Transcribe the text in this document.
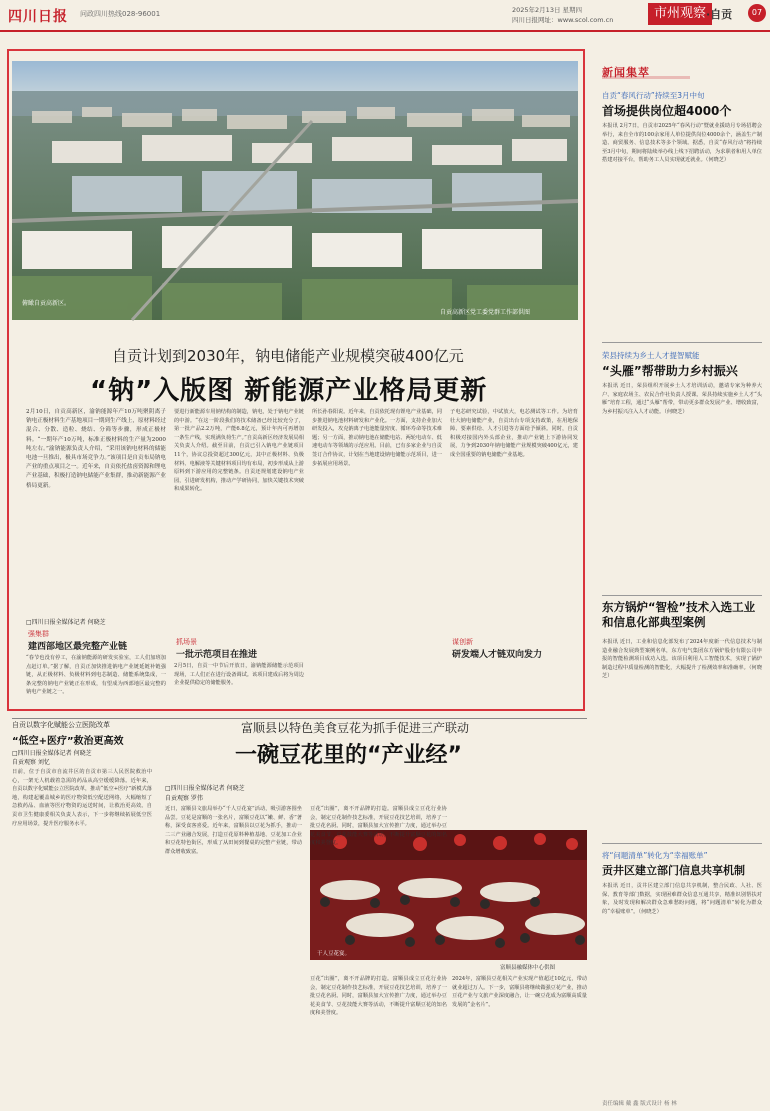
四川日报 问政四川热线028-96001	2025年2月13日 星期四
四川日报网址：www.scol.com.cn	市州观察 ·自贡	07
俯瞰自贡高新区。
自贡高新区党工委党群工作部供图
自贡计划到2030年，钠电储能产业规模突破400亿元
“钠”入版图 新能源产业格局更新
2月10日，自贡高新区，渝钠能源年产10万吨聚阴离子钠电正极材料生产基地项目一期到生产线上，原材料经过混合、分散、造粒、烧结、分筛等步骤，形成正极材料。“一期年产10万吨，标准正极材料的生产量为2000吨左右。”渝钠能源负责人介绍，“采用该钠电材料的储能电池一旦推出，极具市场竞争力。”该项目是自贡布局钠电产业的重点项目之一。近年来，自贡依托盐卤资源和锂电产业基础，积极打造钠电储能产业集群，推动新能源产业格局更新。
□四川日报全媒体记者 何晓芝
强集群
建西部地区最完整产业链
“春节也没有停工，在渝钠能源的研发实验室，工人们加班加点赶订单。”据了解，自贡正加快推进钠电产业链延链补链强链，从正极材料、负极材料到电芯制造、储能系统集成，一条完整的钠电产业链正在形成，有望成为西部地区最完整的钠电产业链之一。
要进行新能源车用钠结构的制造，钠电，处于钠电产业链的中游。“在这一阶段我们的技术储备已经比较充分了，第一批产品2.2万吨，产能6.8亿元，预计年内可再增加一条生产线，实现满负荷生产。”自贡高新区经济发展局相关负责人介绍。截至目前，自贡已引入钠电产业链项目11个，协议总投资超过300亿元，其中正极材料、负极材料、电解液等关键材料项目均有布局，初步形成从上游原料到下游应用的完整链条。自贡还规划建设钠电产业园，引进研发机构，推动产学研协同，加快关键技术突破和成果转化。
抓场景
一批示范项目在推进
2月5日，自贡一中节后开放日，渝钠能源储能示范项目现场，工人们正在进行设备调试。该项目建成后将为周边企业提供稳定的储能服务。
所长孙春阳说。近年来，自贡依托现有锂电产业基础，同步推进钠电池材料研发和产业化。一方面，支持企业加大研发投入，攻克钠离子电池能量密度、循环寿命等技术难题；另一方面，推动钠电池在储能电站、两轮电动车、低速电动车等领域的示范应用。目前，已有多家企业与自贡签订合作协议，计划在当地建设钠电储能示范项目，进一步拓展应用场景。
子电芯研究试验，中试放大，电芯测试等工作。为培育壮大钠电储能产业，自贡出台专项支持政策，在用地保障、要素供给、人才引进等方面给予倾斜。同时，自贡积极对接国内外头部企业，推动产业链上下游协同发展，力争到2030年钠电储能产业规模突破400亿元，建成全国重要的钠电储能产业基地。
谋创新
研发端人才链双向发力
自贡以数字化赋能公立医院改革
“低空+医疗”救治更高效
□四川日报全媒体记者 何晓芝
自贡观察 刘忆
日前，位于自贡市自流井区的自贡市第三人民医院救治中心，一架无人机载着急需的药品从高空缓缓降落。近年来，自贡以数字化赋能公立医院改革，推动“低空+医疗”新模式落地，构建起覆盖城乡的医疗物资低空配送网络，大幅缩短了急救药品、血液等医疗物资的运送时间，让救治更高效。自贡市卫生健康委相关负责人表示，下一步将继续拓展低空医疗应用场景，提升医疗服务水平。
富顺县以特色美食豆花为抓手促进三产联动
一碗豆花里的“产业经”
□四川日报全媒体记者 何晓芝
自贡观察 罗伟
近日，富顺县文旅局举办“千人豆花宴”活动，吸引游客围坐品尝。豆花是富顺的一张名片，富顺豆花以“嫩、鲜、香”著称，深受食客喜爱。近年来，富顺县以豆花为抓手，推动一二三产业融合发展，打造豆花原料种植基地、豆花加工企业和豆花特色街区，形成了从田间到餐桌的完整产业链，带动群众增收致富。
干人豆花宴。
富顺县融媒体中心供图
豆花“出圈”，离不开品牌的打造。富顺县成立豆花行业协会，制定豆花制作技艺标准，开展豆花技艺培训，培养了一批豆花名厨。同时，富顺县加大宣传推广力度，通过举办豆花美食节、豆花技能大赛等活动，不断提升富顺豆花的知名度和美誉度。
豆花“出圈”，离不开品牌的打造。富顺县成立豆花行业协会，制定豆花制作技艺标准，开展豆花技艺培训，培养了一批豆花名厨。同时，富顺县加大宣传推广力度，通过举办豆花美食节、豆花技能大赛等活动，不断提升富顺豆花的知名度和美誉度。
2024年，富顺县豆花相关产业实现产值超过10亿元，带动就业超过万人。下一步，富顺县将继续做强豆花产业，推动豆花产业与文旅产业深度融合，让一碗豆花成为富顺高质量发展的“金名片”。
新闻集萃
自贡“春风行动”持续至3月中旬
首场提供岗位超4000个
本报讯 2月7日，自贡市2025年“春风行动”暨就业援助月专场招聘会举行，来自全市的100余家用人单位提供岗位4000余个，涵盖生产制造、商贸服务、信息技术等多个领域。据悉，自贡“春风行动”将持续至3月中旬，期间将陆续举办线上线下招聘活动，为求职者和用人单位搭建对接平台，帮助务工人员实现就近就业。（何晓芝）
荣县持续为乡土人才提智赋能
“头雁”帮带助力乡村振兴
本报讯 近日，荣县组织开展乡土人才培训活动，邀请专家为种养大户、家庭农场主、农民合作社负责人授课。荣县持续实施乡土人才“头雁”培育工程，通过“头雁”帮带，带动更多群众发展产业、增收致富，为乡村振兴注入人才动能。（何晓芝）
东方锅炉“智检”技术入选工业和信息化部典型案例
本报讯 近日，工业和信息化部发布了2024年度新一代信息技术与制造业融合发展典型案例名单，东方电气集团东方锅炉股份有限公司申报的智能检测项目成功入选。该项目利用人工智能技术，实现了锅炉制造过程中质量检测的智能化，大幅提升了检测效率和准确率。（何晓芝）
将“问题清单”转化为“幸福账单”
贡井区建立部门信息共享机制
本报讯 近日，贡井区建立部门信息共享机制，整合民政、人社、医保、教育等部门数据，实现困难群众信息互通共享，精准识别帮扶对象，及时发现和解决群众急难愁盼问题，将“问题清单”转化为群众的“幸福账单”。（何晓芝）
责任编辑 戴 鑫 版式设计 杨 林
